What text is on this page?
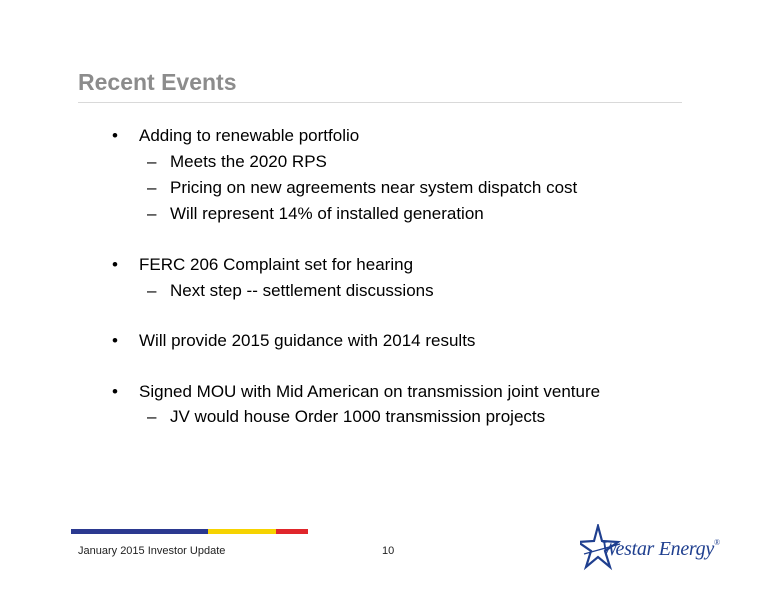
Recent Events
• Adding to renewable portfolio
– Meets the 2020 RPS
– Pricing on new agreements near system dispatch cost
– Will represent 14% of installed generation
• FERC 206 Complaint set for hearing
– Next step -- settlement discussions
• Will provide 2015 guidance with 2014 results
• Signed MOU with Mid American on transmission joint venture
– JV would house Order 1000 transmission projects
January 2015 Investor Update	10	Westar Energy®
